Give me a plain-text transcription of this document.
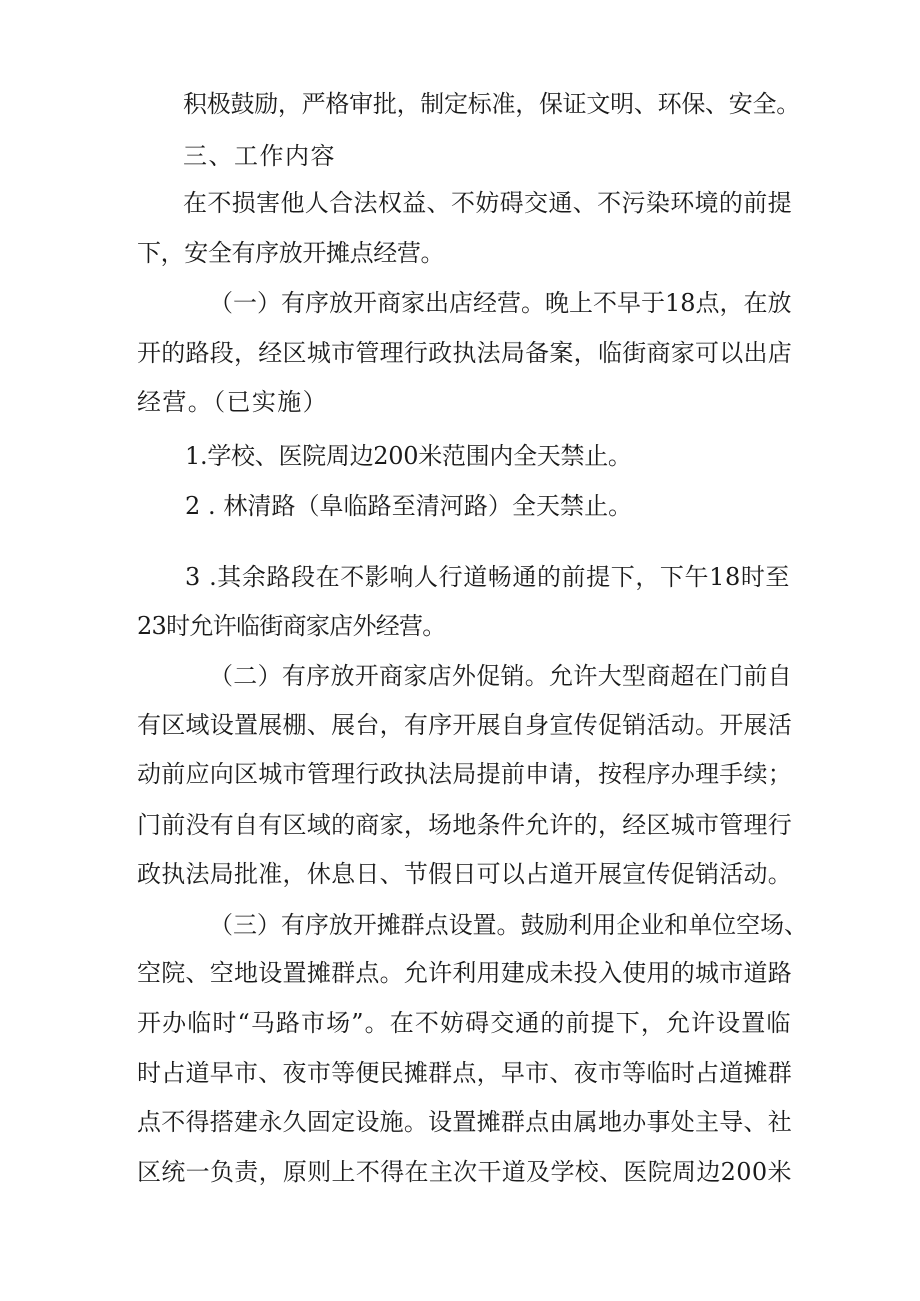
积极鼓励，严格审批，制定标准，保证文明、环保、安全。

三、工作内容

在不损害他人合法权益、不妨碍交通、不污染环境的前提

下，安全有序放开摊点经营。

（一）有序放开商家出店经营。晚上不早于18点，在放

开的路段，经区城市管理行政执法局备案，临街商家可以出店

经营。（已实施）

1.学校、医院周边200米范围内全天禁止。

2 . 林清路（阜临路至清河路）全天禁止。

3 .其余路段在不影响人行道畅通的前提下，下午18时至

23时允许临街商家店外经营。

（二）有序放开商家店外促销。允许大型商超在门前自

有区域设置展棚、展台，有序开展自身宣传促销活动。开展活

动前应向区城市管理行政执法局提前申请，按程序办理手续；

门前没有自有区域的商家，场地条件允许的，经区城市管理行

政执法局批准，休息日、节假日可以占道开展宣传促销活动。

（三）有序放开摊群点设置。鼓励利用企业和单位空场、

空院、空地设置摊群点。允许利用建成未投入使用的城市道路

开办临时“马路市场”。在不妨碍交通的前提下，允许设置临

时占道早市、夜市等便民摊群点，早市、夜市等临时占道摊群

点不得搭建永久固定设施。设置摊群点由属地办事处主导、社

区统一负责，原则上不得在主次干道及学校、医院周边200米
